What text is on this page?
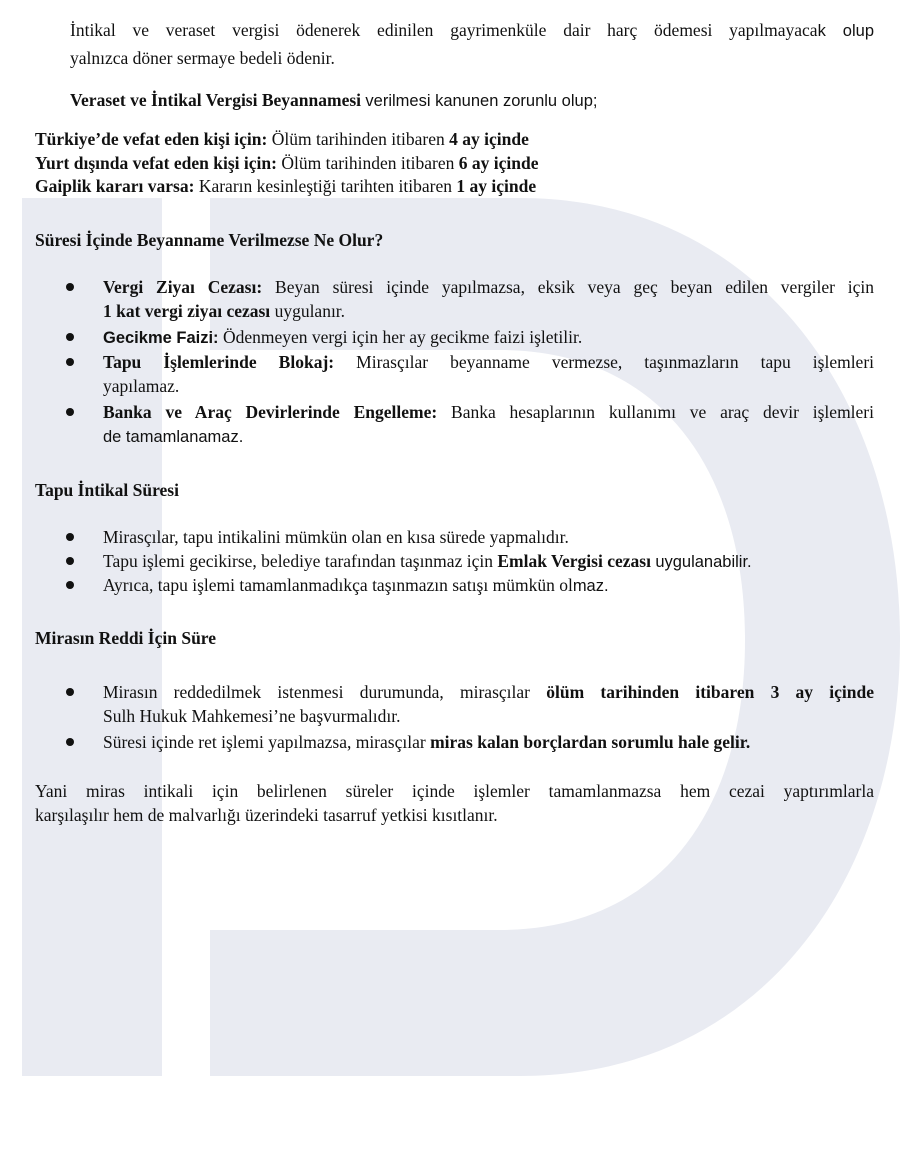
İntikal ve veraset vergisi ödenerek edinilen gayrimenküle dair harç ödemesi yapılmayacak olup
yalnızca döner sermaye bedeli ödenir.
Veraset ve İntikal Vergisi Beyannamesi verilmesi kanunen zorunlu olup;
Türkiye’de vefat eden kişi için: Ölüm tarihinden itibaren 4 ay içinde
Yurt dışında vefat eden kişi için: Ölüm tarihinden itibaren 6 ay içinde
Gaiplik kararı varsa: Kararın kesinleştiği tarihten itibaren 1 ay içinde
Süresi İçinde Beyanname Verilmezse Ne Olur?
Vergi Ziyaı Cezası: Beyan süresi içinde yapılmazsa, eksik veya geç beyan edilen vergiler için
1 kat vergi ziyaı cezası uygulanır.
Gecikme Faizi: Ödenmeyen vergi için her ay gecikme faizi işletilir.
Tapu İşlemlerinde Blokaj: Mirasçılar beyanname vermezse, taşınmazların tapu işlemleri
yapılamaz.
Banka ve Araç Devirlerinde Engelleme: Banka hesaplarının kullanımı ve araç devir işlemleri
de tamamlanamaz.
Tapu İntikal Süresi
Mirasçılar, tapu intikalini mümkün olan en kısa sürede yapmalıdır.
Tapu işlemi gecikirse, belediye tarafından taşınmaz için Emlak Vergisi cezası uygulanabilir.
Ayrıca, tapu işlemi tamamlanmadıkça taşınmazın satışı mümkün olmaz.
Mirasın Reddi İçin Süre
Mirasın reddedilmek istenmesi durumunda, mirasçılar ölüm tarihinden itibaren 3 ay içinde
Sulh Hukuk Mahkemesi’ne başvurmalıdır.
Süresi içinde ret işlemi yapılmazsa, mirasçılar miras kalan borçlardan sorumlu hale gelir.
Yani miras intikali için belirlenen süreler içinde işlemler tamamlanmazsa hem cezai yaptırımlarla
karşılaşılır hem de malvarlığı üzerindeki tasarruf yetkisi kısıtlanır.
